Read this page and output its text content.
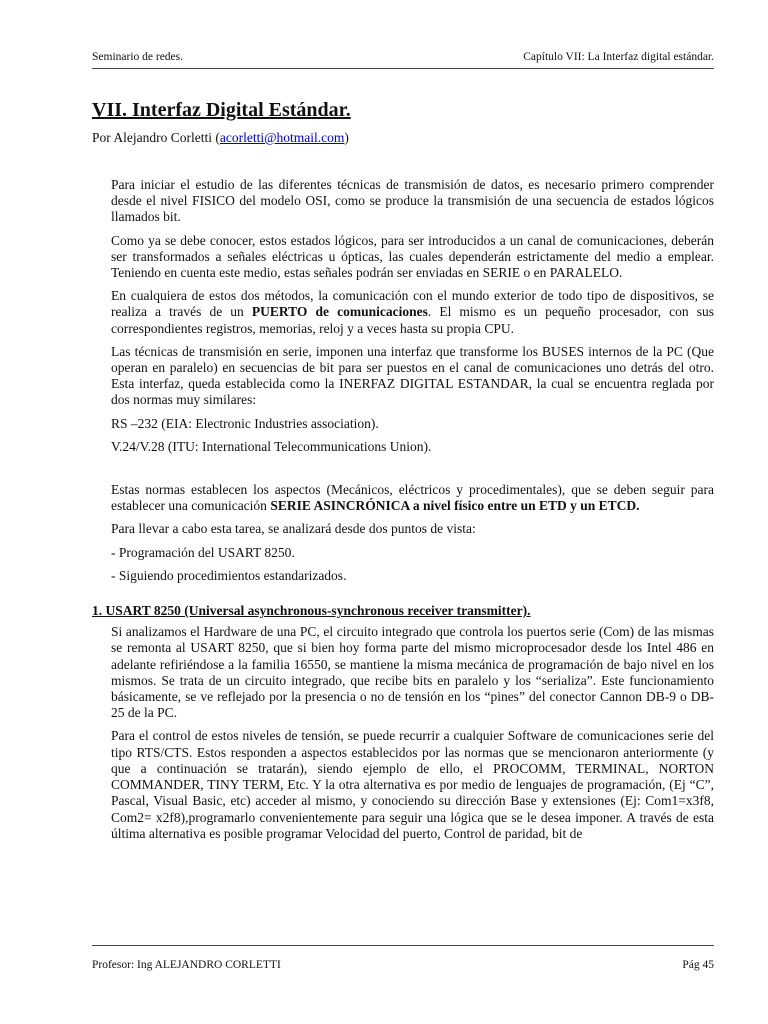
Seminario de redes.	Capítulo VII: La Interfaz digital estándar.
VII. Interfaz Digital Estándar.
Por Alejandro Corletti (acorletti@hotmail.com)

Para iniciar el estudio de las diferentes técnicas de transmisión de datos, es necesario primero comprender desde el nivel FISICO del modelo OSI, como se produce la transmisión de una secuencia de estados lógicos llamados bit.

Como ya se debe conocer, estos estados lógicos, para ser introducidos a un canal de comunicaciones, deberán ser transformados a señales eléctricas u ópticas, las cuales dependerán estrictamente del medio a emplear. Teniendo en cuenta este medio, estas señales podrán ser enviadas en SERIE o en PARALELO.

En cualquiera de estos dos métodos, la comunicación con el mundo exterior de todo tipo de dispositivos, se realiza a través de un PUERTO de comunicaciones. El mismo es un pequeño procesador, con sus correspondientes registros, memorias, reloj y a veces hasta su propia CPU.

Las técnicas de transmisión en serie, imponen una interfaz que transforme los BUSES internos de la PC (Que operan en paralelo) en secuencias de bit para ser puestos en el canal de comunicaciones uno detrás del otro. Esta interfaz, queda establecida como la INERFAZ DIGITAL ESTANDAR, la cual se encuentra reglada por dos normas muy similares:

RS –232 (EIA: Electronic Industries association).

V.24/V.28 (ITU: International Telecommunications Union).

Estas normas establecen los aspectos (Mecánicos, eléctricos y procedimentales), que se deben seguir para establecer una comunicación SERIE ASINCRÓNICA a nivel físico entre un ETD y un ETCD.

Para llevar a cabo esta tarea, se analizará desde dos puntos de vista:

- Programación del USART 8250.

- Siguiendo procedimientos estandarizados.

1. USART 8250 (Universal asynchronous-synchronous receiver transmitter).

Si analizamos el Hardware de una PC, el circuito integrado que controla los puertos serie (Com) de las mismas se remonta al USART 8250, que si bien hoy forma parte del mismo microprocesador desde los Intel 486 en adelante refiriéndose a la familia 16550, se mantiene la misma mecánica de programación de bajo nivel en los mismos. Se trata de un circuito integrado, que recibe bits en paralelo y los “serializa”. Este funcionamiento básicamente, se ve reflejado por la presencia o no de tensión en los “pines” del conector Cannon DB-9 o DB-25 de la PC.

Para el control de estos niveles de tensión, se puede recurrir a cualquier Software de comunicaciones serie del tipo RTS/CTS. Estos responden a aspectos establecidos por las normas que se mencionaron anteriormente (y que a continuación se tratarán), siendo ejemplo de ello, el PROCOMM, TERMINAL, NORTON COMMANDER, TINY TERM, Etc. Y la otra alternativa es por medio de lenguajes de programación, (Ej “C”, Pascal, Visual Basic, etc) acceder al mismo, y conociendo su dirección Base y extensiones (Ej: Com1=x3f8, Com2= x2f8),programarlo convenientemente para seguir una lógica que se le desea imponer. A través de esta última alternativa es posible programar Velocidad del puerto, Control de paridad, bit de

Profesor: Ing ALEJANDRO CORLETTI	Pág 45
